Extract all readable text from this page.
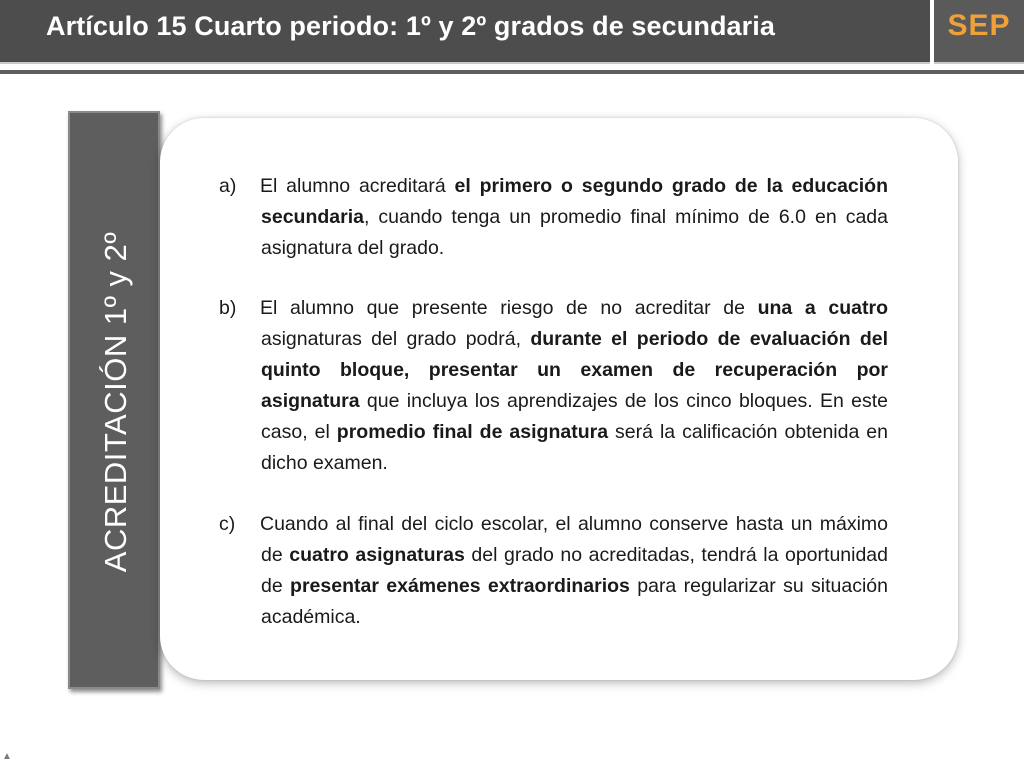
Artículo 15 Cuarto periodo: 1º y 2º grados de secundaria	SEP
ACREDITACIÓN 1º y 2º
a)	El alumno acreditará el primero o segundo grado de la educación secundaria, cuando tenga un promedio final mínimo de 6.0 en cada asignatura del grado.

b)	El alumno que presente riesgo de no acreditar de una a cuatro asignaturas del grado podrá, durante el periodo de evaluación del quinto bloque, presentar un examen de recuperación por asignatura que incluya los aprendizajes de los cinco bloques. En este caso, el promedio final de asignatura será la calificación obtenida en dicho examen.

c)	Cuando al final del ciclo escolar, el alumno conserve hasta un máximo de cuatro asignaturas del grado no acreditadas, tendrá la oportunidad de presentar exámenes extraordinarios para regularizar su situación académica.

▲
